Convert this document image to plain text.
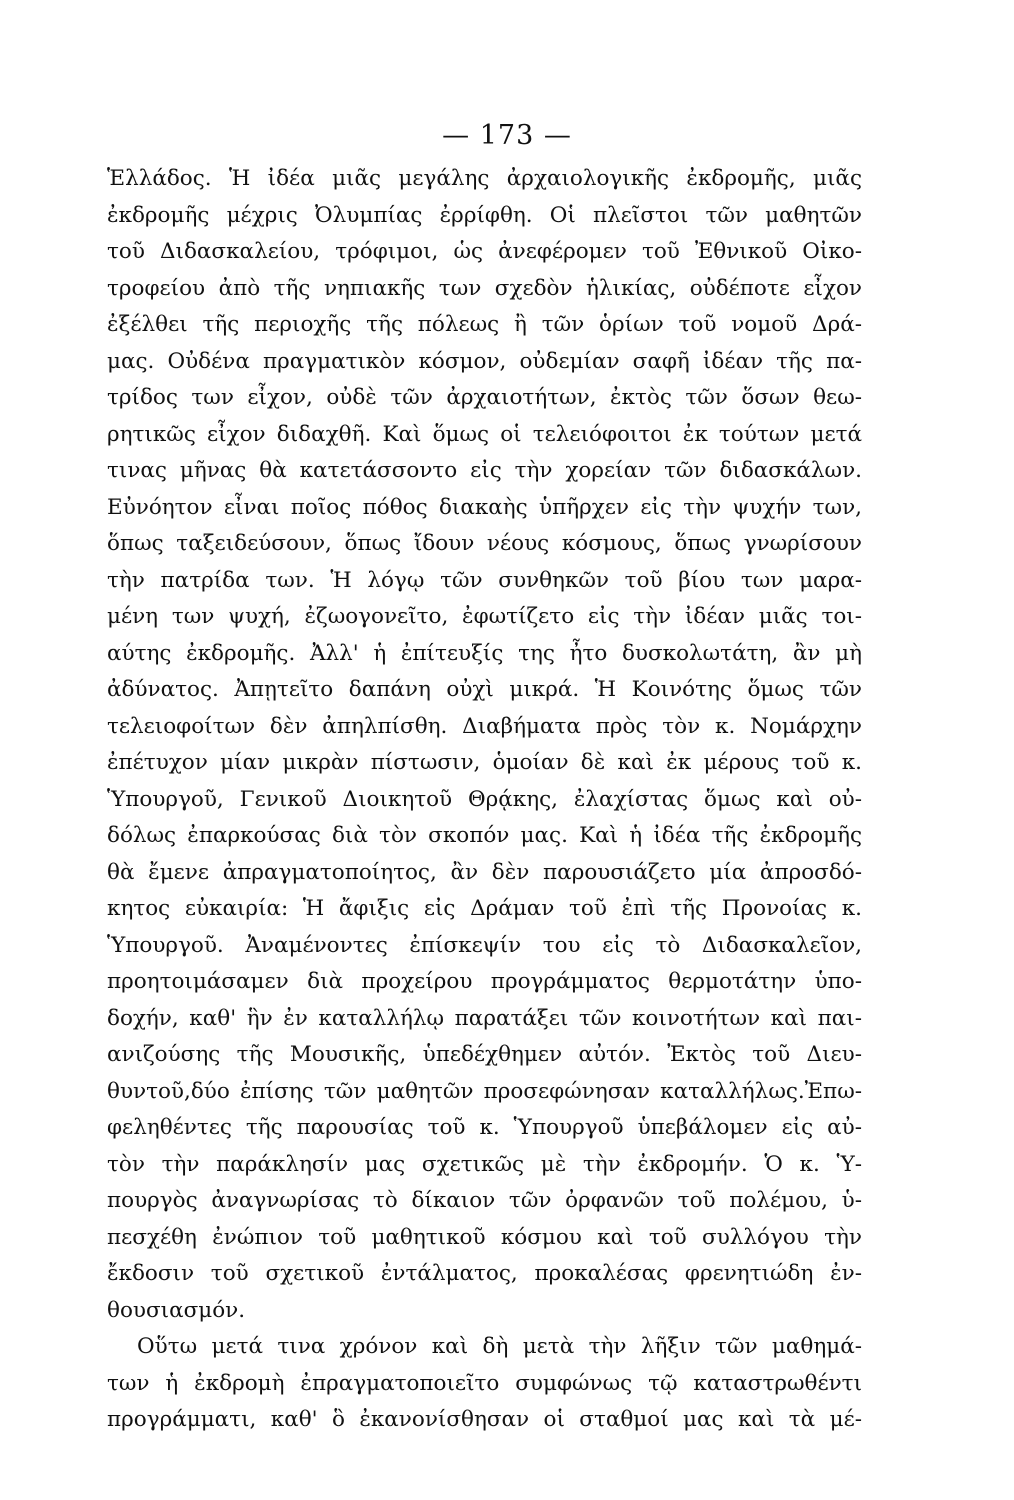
— 173 —
Ἑλλάδος. Ἡ ἰδέα μιᾶς μεγάλης ἀρχαιολογικῆς ἐκδρομῆς, μιᾶς
ἐκδρομῆς μέχρις Ὀλυμπίας ἐρρίφθη. Οἱ πλεῖστοι τῶν μαθητῶν
τοῦ Διδασκαλείου, τρόφιμοι, ὡς ἀνεφέρομεν τοῦ Ἐθνικοῦ Οἰκο-
τροφείου ἀπὸ τῆς νηπιακῆς των σχεδὸν ἡλικίας, οὐδέποτε εἶχον
ἐξέλθει τῆς περιοχῆς τῆς πόλεως ἢ τῶν ὁρίων τοῦ νομοῦ Δρά-
μας. Οὐδένα πραγματικὸν κόσμον, οὐδεμίαν σαφῆ ἰδέαν τῆς πα-
τρίδος των εἶχον, οὐδὲ τῶν ἀρχαιοτήτων, ἐκτὸς τῶν ὅσων θεω-
ρητικῶς εἶχον διδαχθῆ. Καὶ ὅμως οἱ τελειόφοιτοι ἐκ τούτων μετά
τινας μῆνας θὰ κατετάσσοντο εἰς τὴν χορείαν τῶν διδασκάλων.
Εὐνόητον εἶναι ποῖος πόθος διακαὴς ὑπῆρχεν εἰς τὴν ψυχήν των,
ὅπως ταξειδεύσουν, ὅπως ἴδουν νέους κόσμους, ὅπως γνωρίσουν
τὴν πατρίδα των. Ἡ λόγῳ τῶν συνθηκῶν τοῦ βίου των μαρα-
μένη των ψυχή, ἐζωογονεῖτο, ἐφωτίζετο εἰς τὴν ἰδέαν μιᾶς τοι-
αύτης ἐκδρομῆς. Ἀλλ' ἡ ἐπίτευξίς της ἦτο δυσκολωτάτη, ἂν μὴ
ἀδύνατος. Ἀπῃτεῖτο δαπάνη οὐχὶ μικρά. Ἡ Κοινότης ὅμως τῶν
τελειοφοίτων δὲν ἀπηλπίσθη. Διαβήματα πρὸς τὸν κ. Νομάρχην
ἐπέτυχον μίαν μικρὰν πίστωσιν, ὁμοίαν δὲ καὶ ἐκ μέρους τοῦ κ.
Ὑπουργοῦ, Γενικοῦ Διοικητοῦ Θρᾴκης, ἐλαχίστας ὅμως καὶ οὐ-
δόλως ἐπαρκούσας διὰ τὸν σκοπόν μας. Καὶ ἡ ἰδέα τῆς ἐκδρομῆς
θὰ ἔμενε ἀπραγματοποίητος, ἂν δὲν παρουσιάζετο μία ἀπροσδό-
κητος εὐκαιρία: Ἡ ἄφιξις εἰς Δράμαν τοῦ ἐπὶ τῆς Προνοίας κ.
Ὑπουργοῦ. Ἀναμένοντες ἐπίσκεψίν του εἰς τὸ Διδασκαλεῖον,
προητοιμάσαμεν διὰ προχείρου προγράμματος θερμοτάτην ὑπο-
δοχήν, καθ' ἣν ἐν καταλλήλῳ παρατάξει τῶν κοινοτήτων καὶ παι-
ανιζούσης τῆς Μουσικῆς, ὑπεδέχθημεν αὐτόν. Ἐκτὸς τοῦ Διευ-
θυντοῦ,δύο ἐπίσης τῶν μαθητῶν προσεφώνησαν καταλλήλως.Ἐπω-
φεληθέντες τῆς παρουσίας τοῦ κ. Ὑπουργοῦ ὑπεβάλομεν εἰς αὐ-
τὸν τὴν παράκλησίν μας σχετικῶς μὲ τὴν ἐκδρομήν. Ὁ κ. Ὑ-
πουργὸς ἀναγνωρίσας τὸ δίκαιον τῶν ὀρφανῶν τοῦ πολέμου, ὑ-
πεσχέθη ἐνώπιον τοῦ μαθητικοῦ κόσμου καὶ τοῦ συλλόγου τὴν
ἔκδοσιν τοῦ σχετικοῦ ἐντάλματος, προκαλέσας φρενητιώδη ἐν-
θουσιασμόν.
Οὕτω μετά τινα χρόνον καὶ δὴ μετὰ τὴν λῆξιν τῶν μαθημά-
των ἡ ἐκδρομὴ ἐπραγματοποιεῖτο συμφώνως τῷ καταστρωθέντι
προγράμματι, καθ' ὃ ἐκανονίσθησαν οἱ σταθμοί μας καὶ τὰ μέ-
